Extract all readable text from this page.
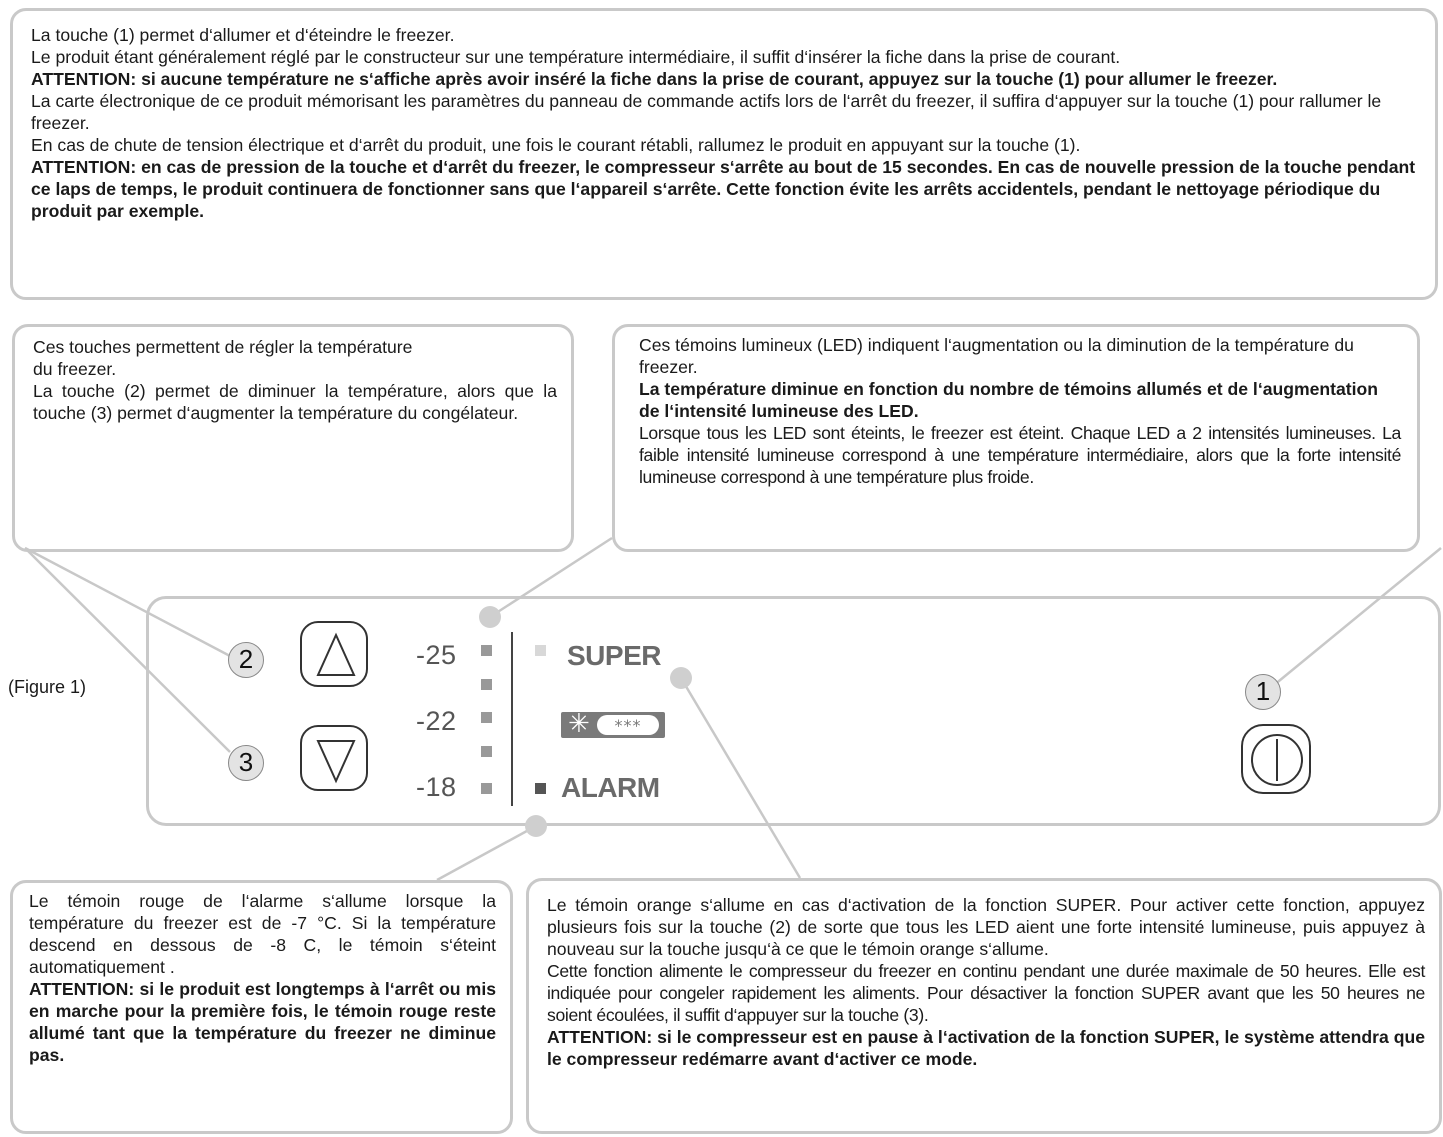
La touche (1) permet d‘allumer et d‘éteindre le freezer.

Le produit étant généralement réglé par le constructeur sur une température intermédiaire, il suffit d‘insérer la fiche dans la prise de courant.

ATTENTION: si aucune température ne s‘affiche après avoir inséré la fiche dans la prise de courant, appuyez sur la touche (1) pour allumer le freezer.

La carte électronique de ce produit mémorisant les paramètres du panneau de commande actifs lors de l‘arrêt du freezer, il suffira d‘appuyer sur la touche (1) pour rallumer le freezer.

En cas de chute de tension électrique et d‘arrêt du produit, une fois le courant rétabli, rallumez le produit en appuyant sur la touche (1).

ATTENTION: en cas de pression de la touche et d‘arrêt du freezer, le compresseur s‘arrête au bout de 15 secondes. En cas de nouvelle pression de la touche pendant ce laps de temps, le produit continuera de fonctionner sans que l‘appareil s‘arrête. Cette fonction évite les arrêts accidentels, pendant le nettoyage périodique du produit par exemple.

Ces touches permettent de régler la température

du freezer.

La touche (2) permet de diminuer la température, alors que la touche (3) permet d‘augmenter la température du congélateur.

Ces témoins lumineux (LED) indiquent l‘augmentation ou la diminution de la température du freezer.

La température diminue en fonction du nombre de témoins allumés et de l‘augmentation de l‘intensité lumineuse des LED.

Lorsque tous les LED sont éteints, le freezer est éteint. Chaque LED a 2 intensités lumineuses. La faible intensité lumineuse correspond à une température intermédiaire, alors que la forte intensité lumineuse correspond à une température plus froide.

(Figure 1)
2
3
1
-25
-22
-18
SUPER
✳	***
ALARM

Le témoin rouge de l‘alarme s‘allume lorsque la température du freezer est de -7 °C. Si la température descend en dessous de -8 C, le témoin s‘éteint automatiquement .

ATTENTION: si le produit est longtemps à l‘arrêt ou mis en marche pour la première fois, le témoin rouge reste allumé tant que la température du freezer ne diminue pas.

Le témoin orange s‘allume en cas d‘activation de la fonction SUPER. Pour activer cette fonction, appuyez plusieurs fois sur la touche (2) de sorte que tous les LED aient une forte intensité lumineuse, puis appuyez à nouveau sur la touche jusqu‘à ce que le témoin orange s‘allume.

Cette fonction alimente le compresseur du freezer en continu pendant une durée maximale de 50 heures. Elle est indiquée pour congeler rapidement les aliments. Pour désactiver la fonction SUPER avant que les 50 heures ne soient écoulées, il suffit d‘appuyer sur la touche (3).

ATTENTION: si le compresseur est en pause à l‘activation de la fonction SUPER, le système attendra que le compresseur redémarre avant d‘activer ce mode.
